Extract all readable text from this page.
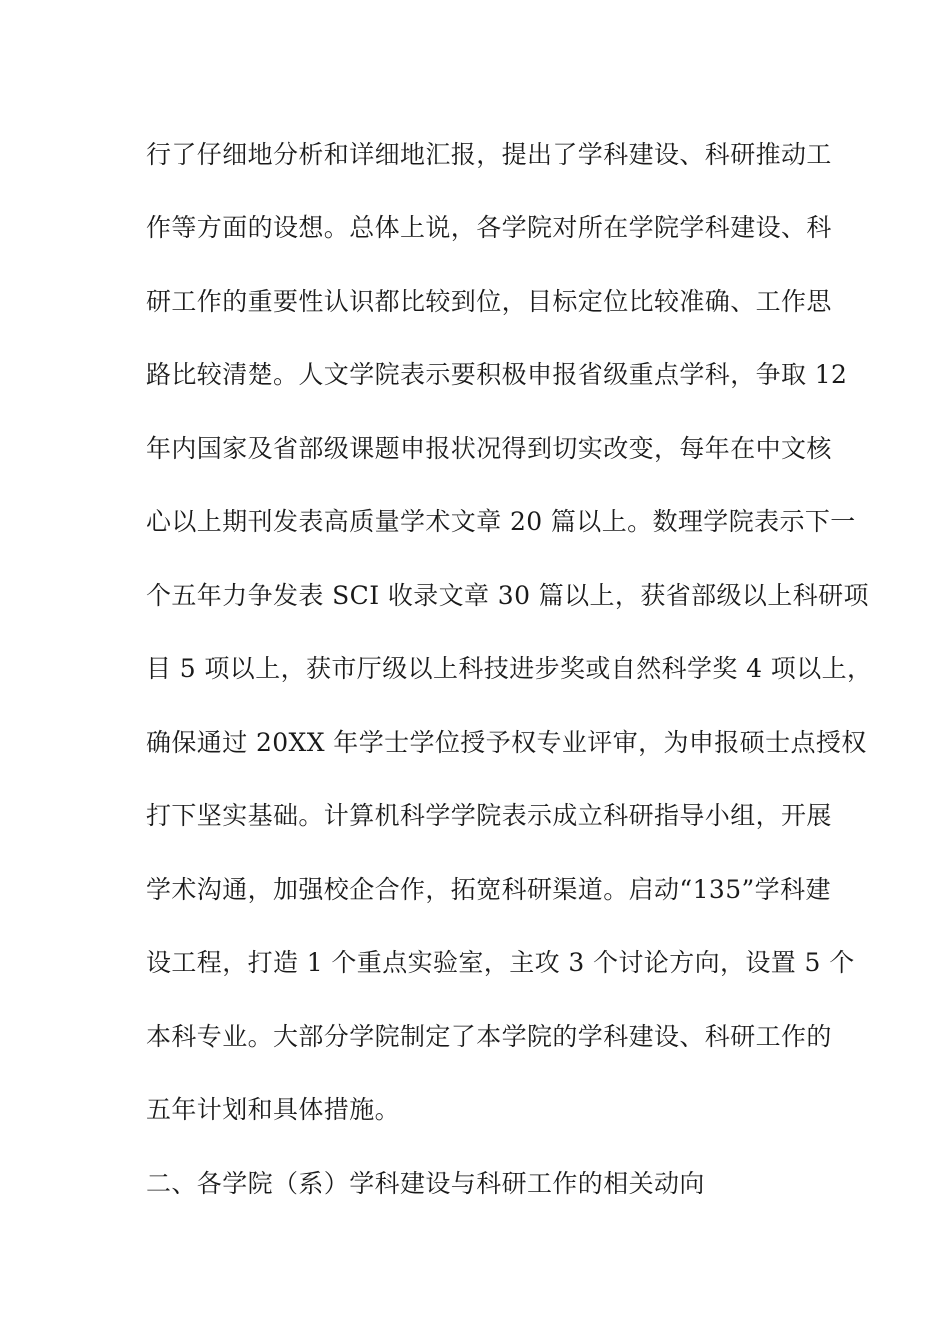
行了仔细地分析和详细地汇报，提出了学科建设、科研推动工
作等方面的设想。总体上说，各学院对所在学院学科建设、科
研工作的重要性认识都比较到位，目标定位比较准确、工作思
路比较清楚。人文学院表示要积极申报省级重点学科，争取 12
年内国家及省部级课题申报状况得到切实改变，每年在中文核
心以上期刊发表高质量学术文章 20 篇以上。数理学院表示下一
个五年力争发表 SCI 收录文章 30 篇以上，获省部级以上科研项
目 5 项以上，获市厅级以上科技进步奖或自然科学奖 4 项以上，
确保通过 20XX 年学士学位授予权专业评审，为申报硕士点授权
打下坚实基础。计算机科学学院表示成立科研指导小组，开展
学术沟通，加强校企合作，拓宽科研渠道。启动“135”学科建
设工程，打造 1 个重点实验室，主攻 3 个讨论方向，设置 5 个
本科专业。大部分学院制定了本学院的学科建设、科研工作的
五年计划和具体措施。
二、各学院（系）学科建设与科研工作的相关动向
